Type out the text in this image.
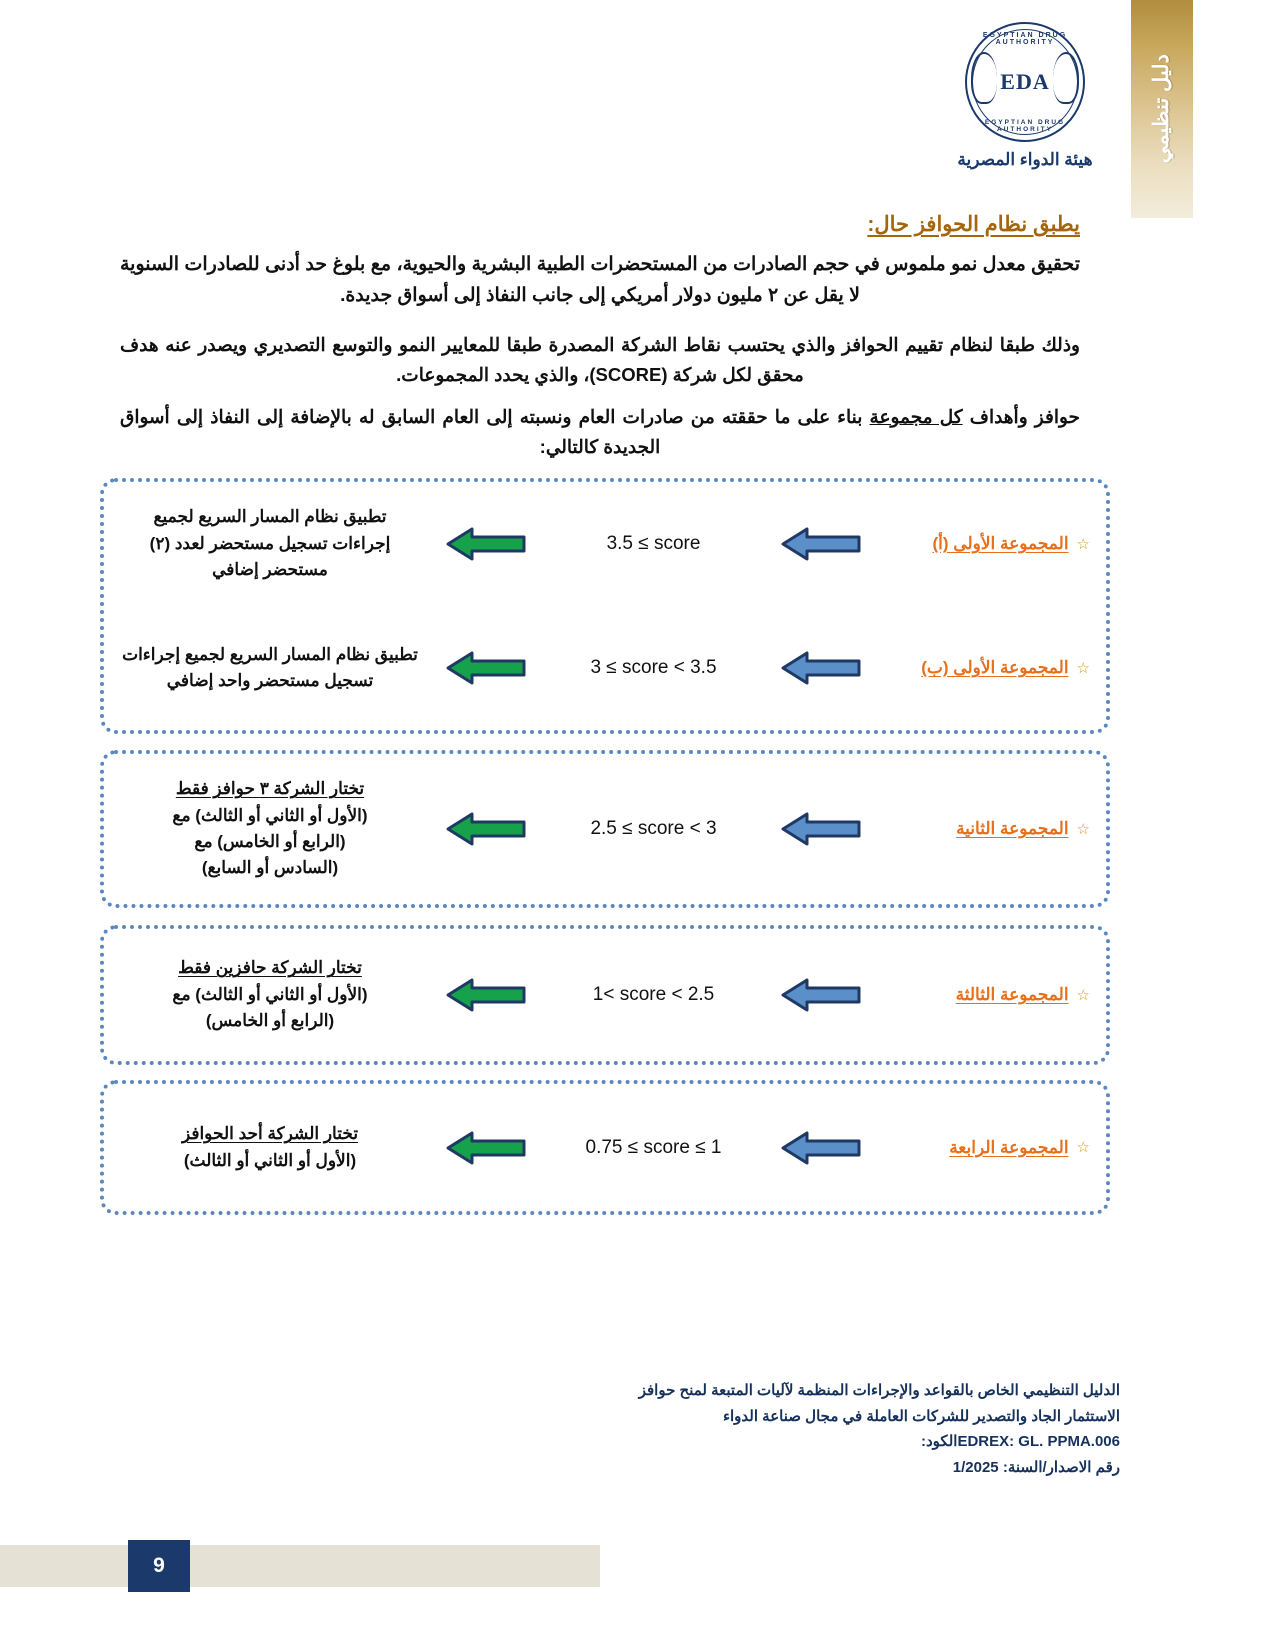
دليل تنظيمي
EGYPTIAN DRUG AUTHORITY
EDA
EGYPTIAN DRUG AUTHORITY
هيئة الدواء المصرية
يطبق نظام الحوافز حال:
تحقيق معدل نمو ملموس في حجم الصادرات من المستحضرات الطبية البشرية والحيوية، مع بلوغ حد أدنى للصادرات السنوية لا يقل عن ٢ مليون دولار أمريكي إلى جانب النفاذ إلى أسواق جديدة.
وذلك طبقا لنظام تقييم الحوافز والذي يحتسب نقاط الشركة المصدرة طبقا للمعايير النمو والتوسع التصديري ويصدر عنه هدف محقق لكل شركة (SCORE)، والذي يحدد المجموعات.
حوافز وأهداف كل مجموعة بناء على ما حققته من صادرات العام ونسبته إلى العام السابق له بالإضافة إلى النفاذ إلى أسواق الجديدة كالتالي:
☆
المجموعة الأولى (أ)
3.5 ≤ score
تطبيق نظام المسار السريع لجميع
إجراءات تسجيل مستحضر لعدد (٢)
مستحضر إضافي
☆
المجموعة الأولى (ب)
3 ≤ score < 3.5
تطبيق نظام المسار السريع لجميع إجراءات
تسجيل مستحضر واحد إضافي
☆
المجموعة الثانية
2.5 ≤ score < 3
تختار الشركة ٣ حوافز فقط
(الأول أو الثاني أو الثالث) مع
(الرابع أو الخامس) مع
(السادس أو السابع)
☆
المجموعة الثالثة
1< score < 2.5
تختار الشركة حافزين فقط
(الأول أو الثاني أو الثالث) مع
(الرابع أو الخامس)
☆
المجموعة الرابعة
0.75 ≤ score ≤ 1
تختار الشركة أحد الحوافز
(الأول أو الثاني أو الثالث)
الدليل التنظيمي الخاص بالقواعد والإجراءات المنظمة لآليات المتبعة لمنح حوافز
الاستثمار الجاد والتصدير للشركات العاملة في مجال صناعة الدواء
EDREX: GL. PPMA.006الكود:
رقم الاصدار/السنة: 1/2025
9
